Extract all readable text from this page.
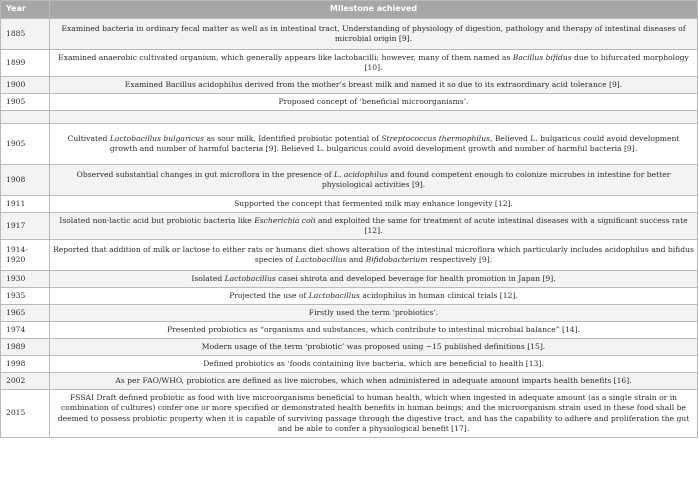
Year	Milestone achieved
1885	Examined bacteria in ordinary fecal matter as well as in intestinal tract, Understanding of physiology of digestion, pathology and therapy of intestinal diseases of microbial origin [9].
1899	Examined anaerobic cultivated organism, which generally appears like lactobacilli; however, many of them named as Bacillus bifidus due to bifurcated morphology [10].
1900	Examined Bacillus acidophilus derived from the mother’s breast milk and named it so due to its extraordinary acid tolerance [9].
1905	Proposed concept of ‘beneficial microorganisms’.

1905	Cultivated Lactobacillus bulgaricus as sour milk, Identified probiotic potential of Streptococcus thermophilus, Believed L. bulgaricus could avoid development growth and number of harmful bacteria [9]. Believed L. bulgaricus could avoid development growth and number of harmful bacteria [9].
1908	Observed substantial changes in gut microflora in the presence of L. acidophilus and found competent enough to colonize microbes in intestine for better physiological activities [9].
1911	Supported the concept that fermented milk may enhance longevity [12].
1917	Isolated non-lactic acid but probiotic bacteria like Escherichia coli and exploited the same for treatment of acute intestinal diseases with a significant success rate [12].
1914-1920	Reported that addition of milk or lactose to either rats or humans diet shows alteration of the intestinal microflora which particularly includes acidophilus and bifidus species of Lactobacillus and Bifidobacterium respectively [9].
1930	Isolated Lactobacillus casei shirota and developed beverage for health promotion in Japan [9].
1935	Projected the use of Lactobacillus acidophilus in human clinical trials [12].
1965	Firstly used the term ‘probiotics’.
1974	Presented probiotics as “organisms and substances, which contribute to intestinal microbial balance” [14].
1989	Modern usage of the term ‘probiotic’ was proposed using ~15 published definitions [15].
1998	Defined probiotics as ‘foods containing live bacteria, which are beneficial to health [13].
2002	As per FAO/WHO, probiotics are defined as live microbes, which when administered in adequate amount imparts health benefits [16].
2015	FSSAI Draft defined probiotic as food with live microorganisms beneficial to human health, which when ingested in adequate amount (as a single strain or in combination of cultures) confer one or more specified or demonstrated health benefits in human beings; and the microorganism strain used in these food shall be deemed to possess probiotic property when it is capable of surviving passage through the digestive tract, and has the capability to adhere and proliferation the gut and be able to confer a physiological benefit [17].
